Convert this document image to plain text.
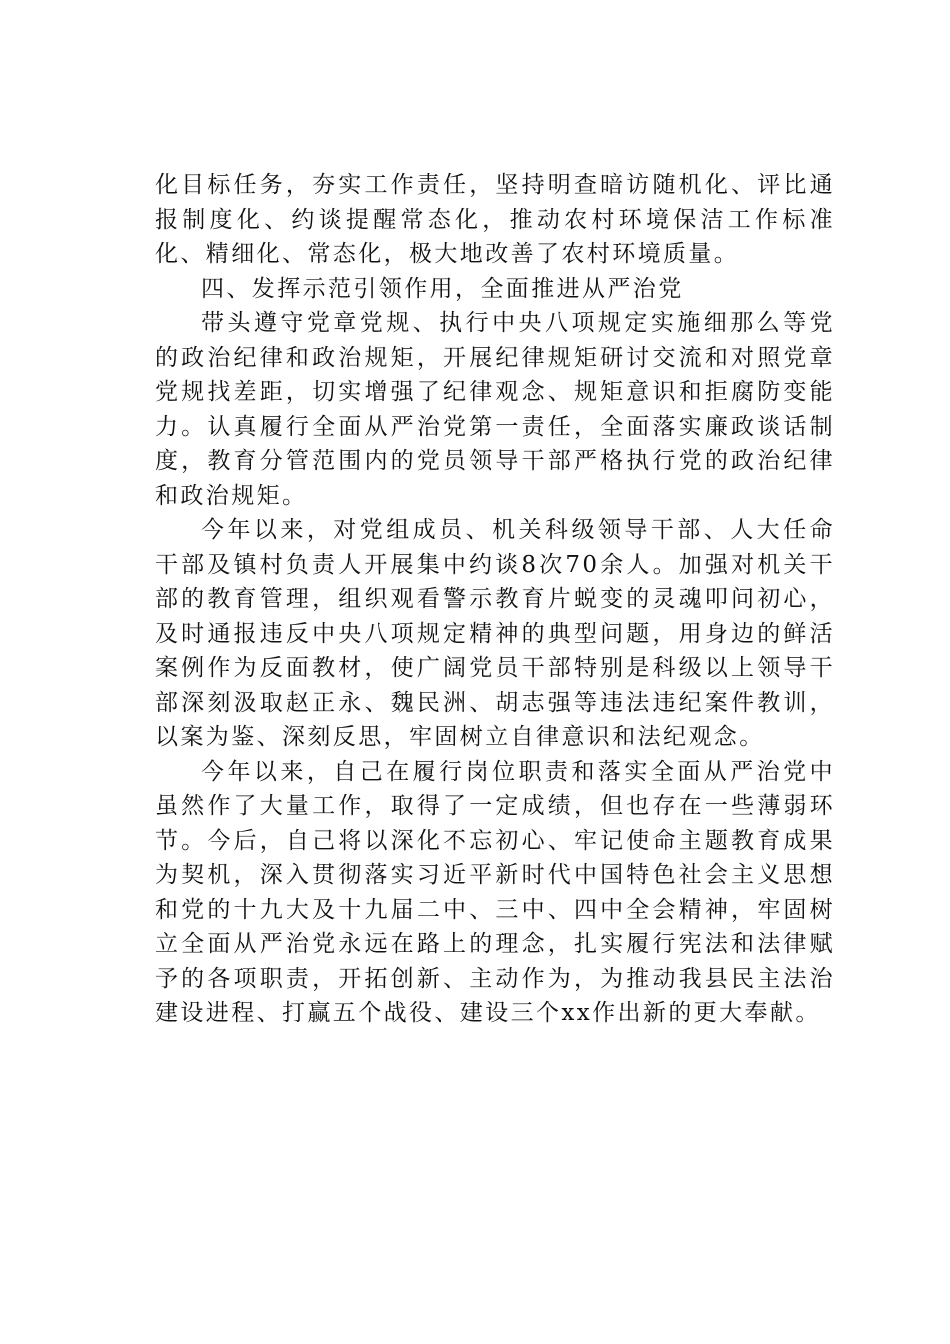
化目标任务，夯实工作责任，坚持明查暗访随机化、评比通报制度化、约谈提醒常态化，推动农村环境保洁工作标准化、精细化、常态化，极大地改善了农村环境质量。

四、发挥示范引领作用，全面推进从严治党

带头遵守党章党规、执行中央八项规定实施细那么等党的政治纪律和政治规矩，开展纪律规矩研讨交流和对照党章党规找差距，切实增强了纪律观念、规矩意识和拒腐防变能力。认真履行全面从严治党第一责任，全面落实廉政谈话制度，教育分管范围内的党员领导干部严格执行党的政治纪律和政治规矩。

今年以来，对党组成员、机关科级领导干部、人大任命干部及镇村负责人开展集中约谈8次70余人。加强对机关干部的教育管理，组织观看警示教育片蜕变的灵魂叩问初心，及时通报违反中央八项规定精神的典型问题，用身边的鲜活案例作为反面教材，使广阔党员干部特别是科级以上领导干部深刻汲取赵正永、魏民洲、胡志强等违法违纪案件教训，以案为鉴、深刻反思，牢固树立自律意识和法纪观念。

今年以来，自己在履行岗位职责和落实全面从严治党中虽然作了大量工作，取得了一定成绩，但也存在一些薄弱环节。今后，自己将以深化不忘初心、牢记使命主题教育成果为契机，深入贯彻落实习近平新时代中国特色社会主义思想和党的十九大及十九届二中、三中、四中全会精神，牢固树立全面从严治党永远在路上的理念，扎实履行宪法和法律赋予的各项职责，开拓创新、主动作为，为推动我县民主法治建设进程、打赢五个战役、建设三个xx作出新的更大奉献。
